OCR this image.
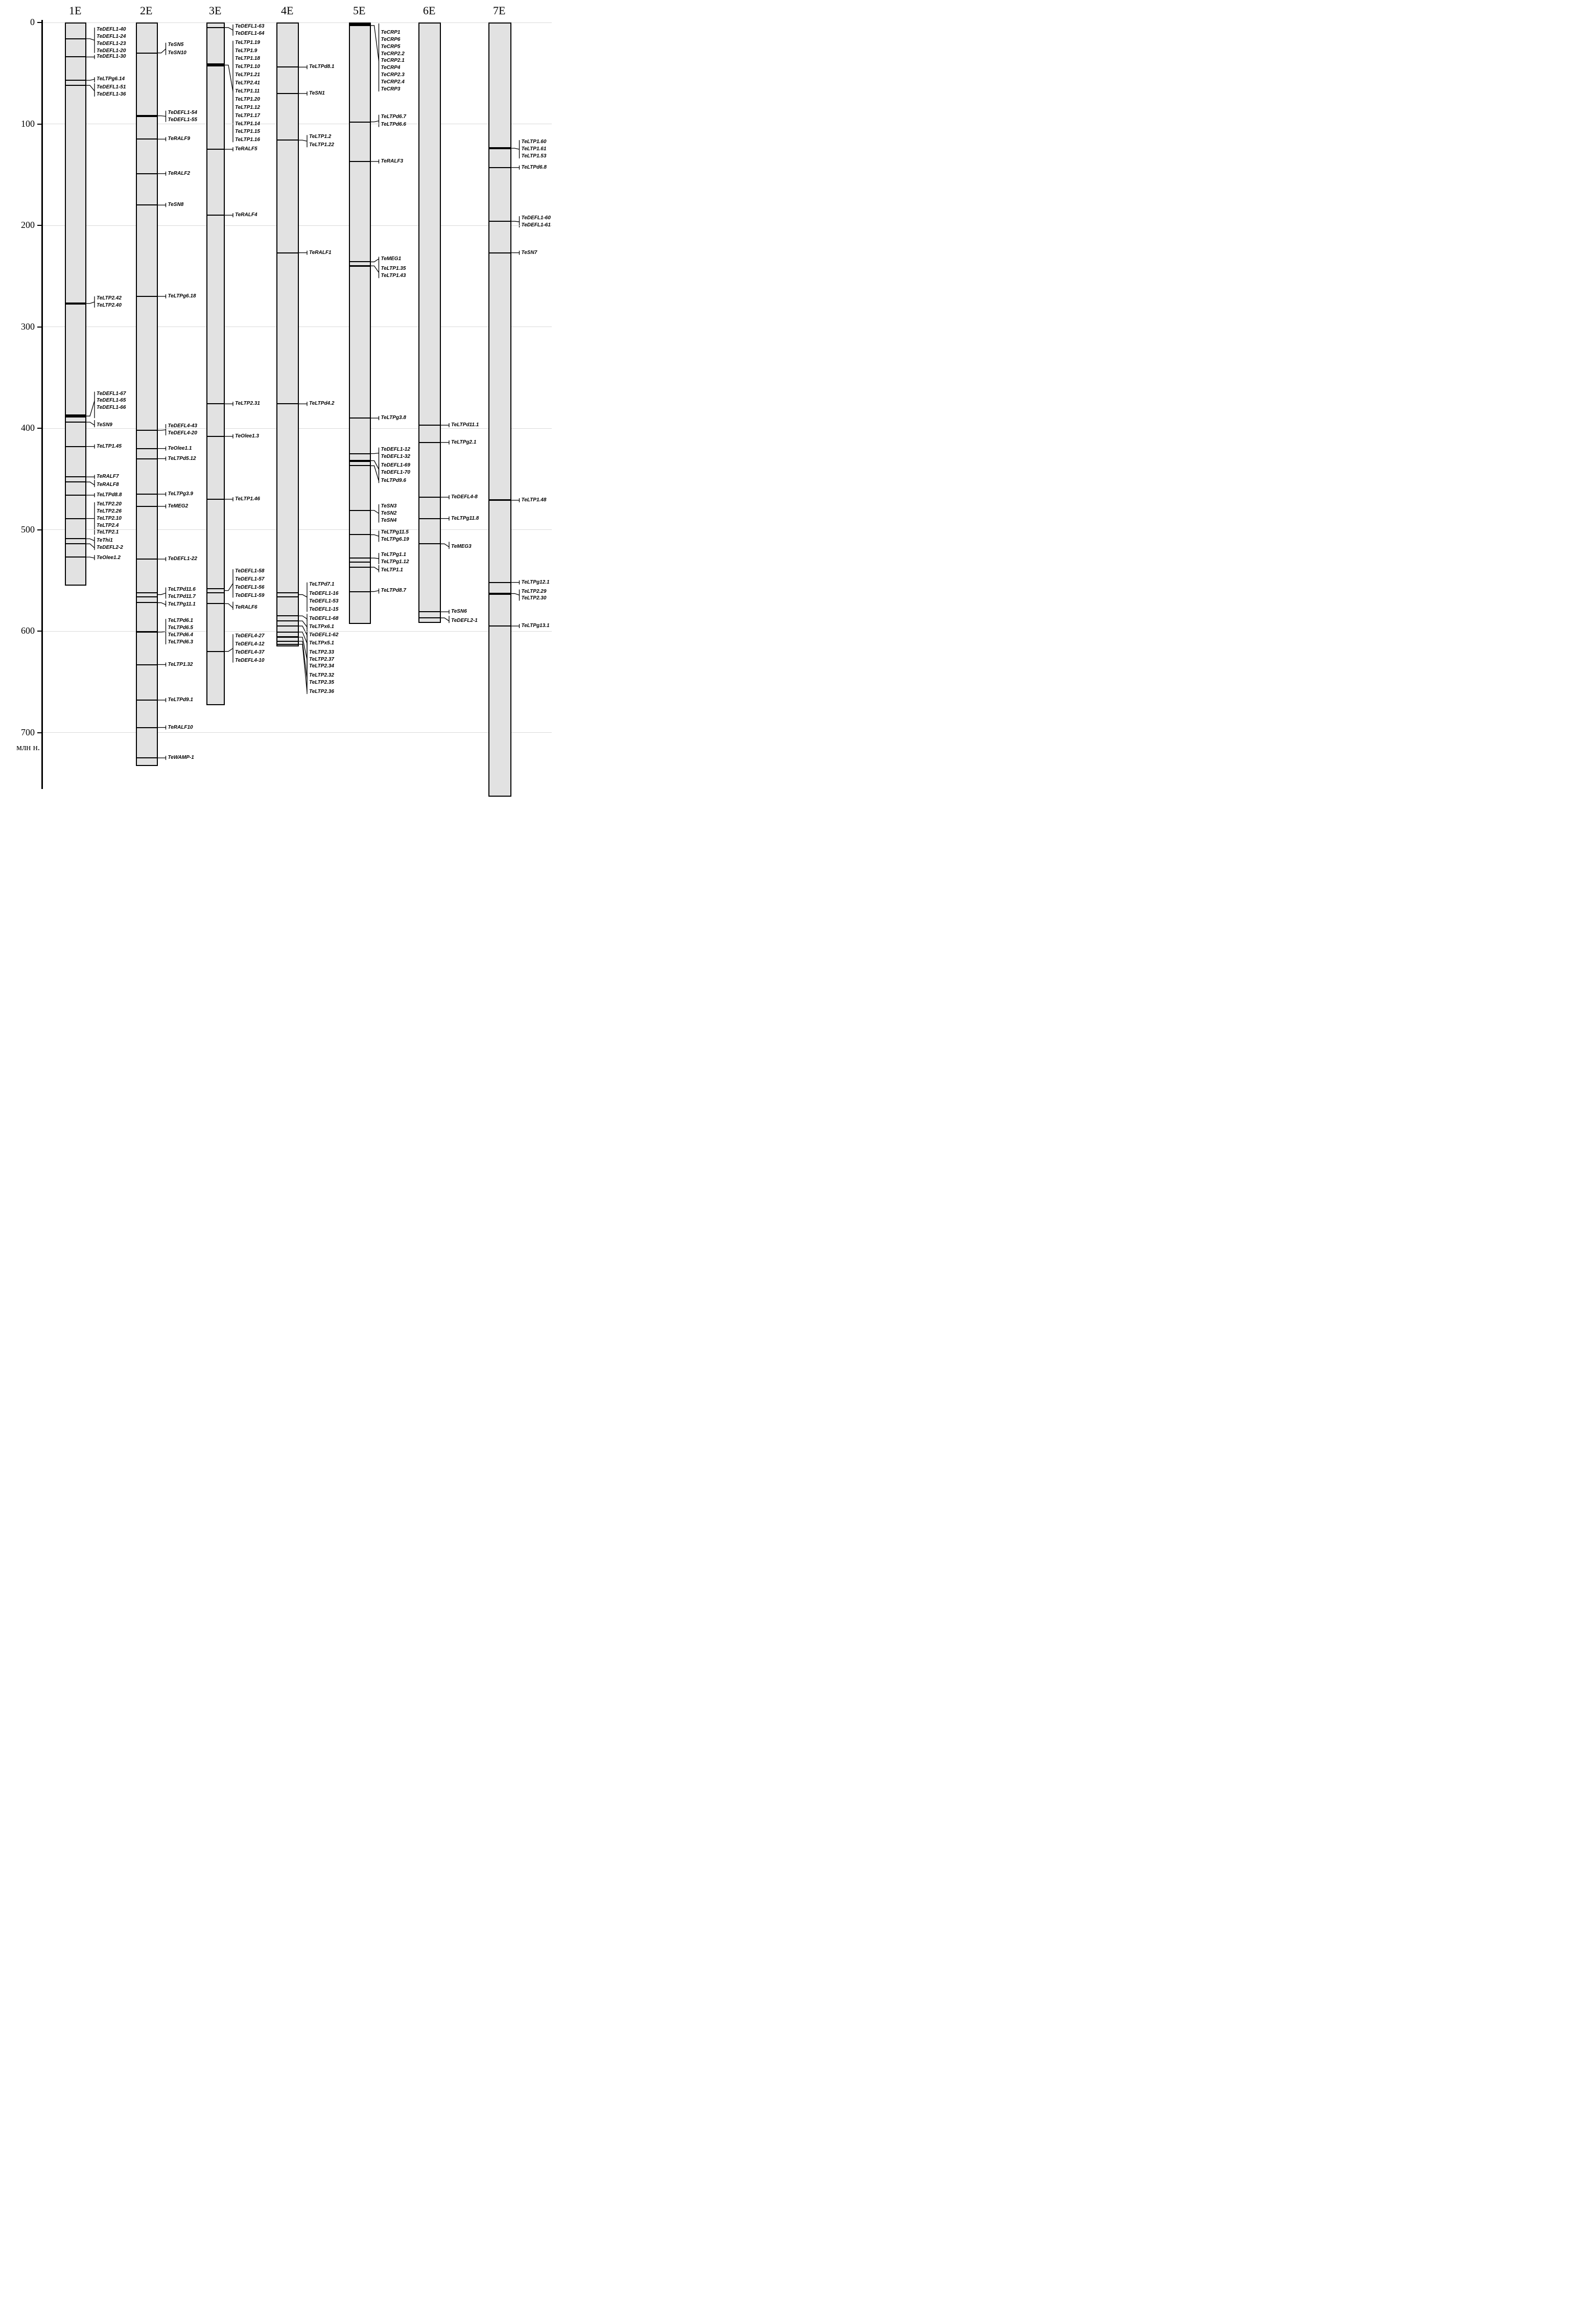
млн н.
0
100
200
300
400
500
600
700
1E
TeDEFL1-40
TeDEFL1-24
TeDEFL1-23
TeDEFL1-20
TeDEFL1-30
TeLTPg6.14
TeDEFL1-51
TeDEFL1-36
TeLTP2.42
TeLTP2.40
TeDEFL1-67
TeDEFL1-65
TeDEFL1-66
TeSN9
TeLTP1.45
TeRALF7
TeRALF8
TeLTPd8.8
TeLTP2.20
TeLTP2.26
TeLTP2.10
TeLTP2.4
TeLTP2.1
TeThi1
TeDEFL2-2
TeOlee1.2
2E
TeSN5
TeSN10
TeDEFL1-54
TeDEFL1-55
TeRALF9
TeRALF2
TeSN8
TeLTPg6.18
TeDEFL4-43
TeDEFL4-20
TeOlee1.1
TeLTPd5.12
TeLTPg3.9
TeMEG2
TeDEFL1-22
TeLTPd11.6
TeLTPd11.7
TeLTPg11.1
TeLTPd6.1
TeLTPd6.5
TeLTPd6.4
TeLTPd6.3
TeLTP1.32
TeLTPd9.1
TeRALF10
TeWAMP-1
3E
TeDEFL1-63
TeDEFL1-64
TeLTP1.19
TeLTP1.9
TeLTP1.18
TeLTP1.10
TeLTP1.21
TeLTP2.41
TeLTP1.11
TeLTP1.20
TeLTP1.12
TeLTP1.17
TeLTP1.14
TeLTP1.15
TeLTP1.16
TeRALF5
TeRALF4
TeLTP2.31
TeOlee1.3
TeLTP1.46
TeDEFL1-58
TeDEFL1-57
TeDEFL1-56
TeDEFL1-59
TeRALF6
TeDEFL4-27
TeDEFL4-12
TeDEFL4-37
TeDEFL4-10
4E
TeLTPd8.1
TeSN1
TeLTP1.2
TeLTP1.22
TeRALF1
TeLTPd4.2
TeLTPd7.1
TeDEFL1-16
TeDEFL1-53
TeDEFL1-15
TeDEFL1-68
TeLTPx6.1
TeDEFL1-62
TeLTPx5.1
TeLTP2.33
TeLTP2.37
TeLTP2.34
TeLTP2.32
TeLTP2.35
TeLTP2.36
5E
TeCRP1
TeCRP6
TeCRP5
TeCRP2.2
TeCRP2.1
TeCRP4
TeCRP2.3
TeCRP2.4
TeCRP3
TeLTPd6.7
TeLTPd6.6
TeRALF3
TeMEG1
TeLTP1.35
TeLTP1.43
TeLTPg3.8
TeDEFL1-12
TeDEFL1-32
TeDEFL1-69
TeDEFL1-70
TeLTPd9.6
TeSN3
TeSN2
TeSN4
TeLTPg11.5
TeLTPg6.19
TeLTPg1.1
TeLTPg1.12
TeLTP1.1
TeLTPd8.7
6E
TeLTPd11.1
TeLTPg2.1
TeDEFL4-8
TeLTPg11.8
TeMEG3
TeSN6
TeDEFL2-1
7E
TeLTP1.60
TeLTP1.61
TeLTP1.53
TeLTPd6.8
TeDEFL1-60
TeDEFL1-61
TeSN7
TeLTP1.48
TeLTPg12.1
TeLTP2.29
TeLTP2.30
TeLTPg13.1
